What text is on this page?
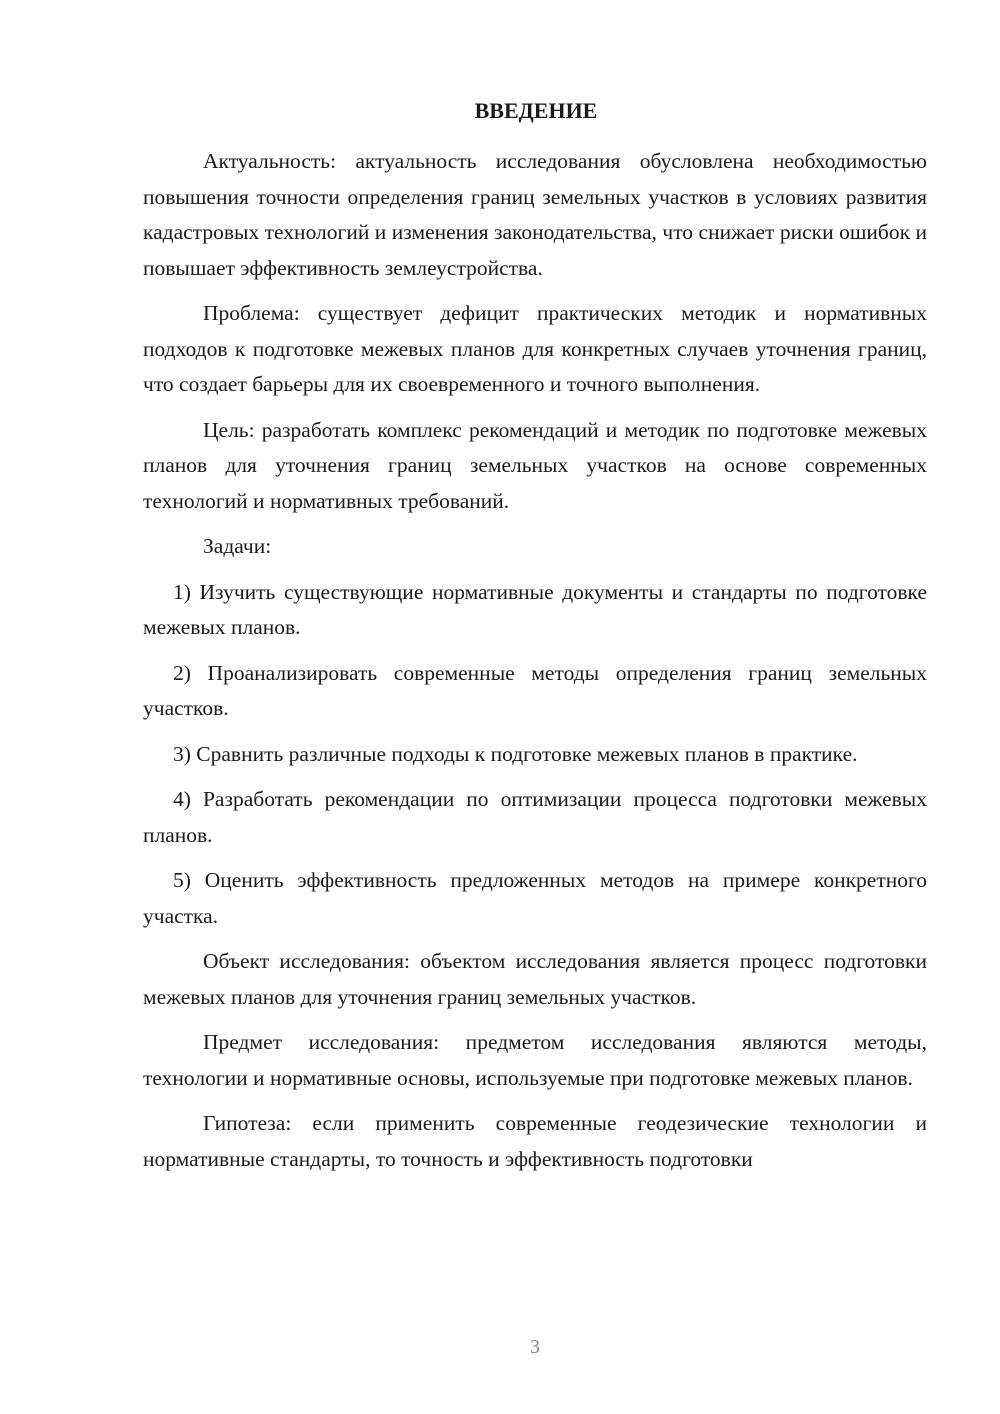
ВВЕДЕНИЕ

Актуальность: актуальность исследования обусловлена необходимостью повышения точности определения границ земельных участков в условиях развития кадастровых технологий и изменения законодательства, что снижает риски ошибок и повышает эффективность землеустройства.

Проблема: существует дефицит практических методик и нормативных подходов к подготовке межевых планов для конкретных случаев уточнения границ, что создает барьеры для их своевременного и точного выполнения.

Цель: разработать комплекс рекомендаций и методик по подготовке межевых планов для уточнения границ земельных участков на основе современных технологий и нормативных требований.

Задачи:

1) Изучить существующие нормативные документы и стандарты по подготовке межевых планов.

2) Проанализировать современные методы определения границ земельных участков.

3) Сравнить различные подходы к подготовке межевых планов в практике.

4) Разработать рекомендации по оптимизации процесса подготовки межевых планов.

5) Оценить эффективность предложенных методов на примере конкретного участка.

Объект исследования: объектом исследования является процесс подготовки межевых планов для уточнения границ земельных участков.

Предмет исследования: предметом исследования являются методы, технологии и нормативные основы, используемые при подготовке межевых планов.

Гипотеза: если применить современные геодезические технологии и нормативные стандарты, то точность и эффективность подготовки

3
